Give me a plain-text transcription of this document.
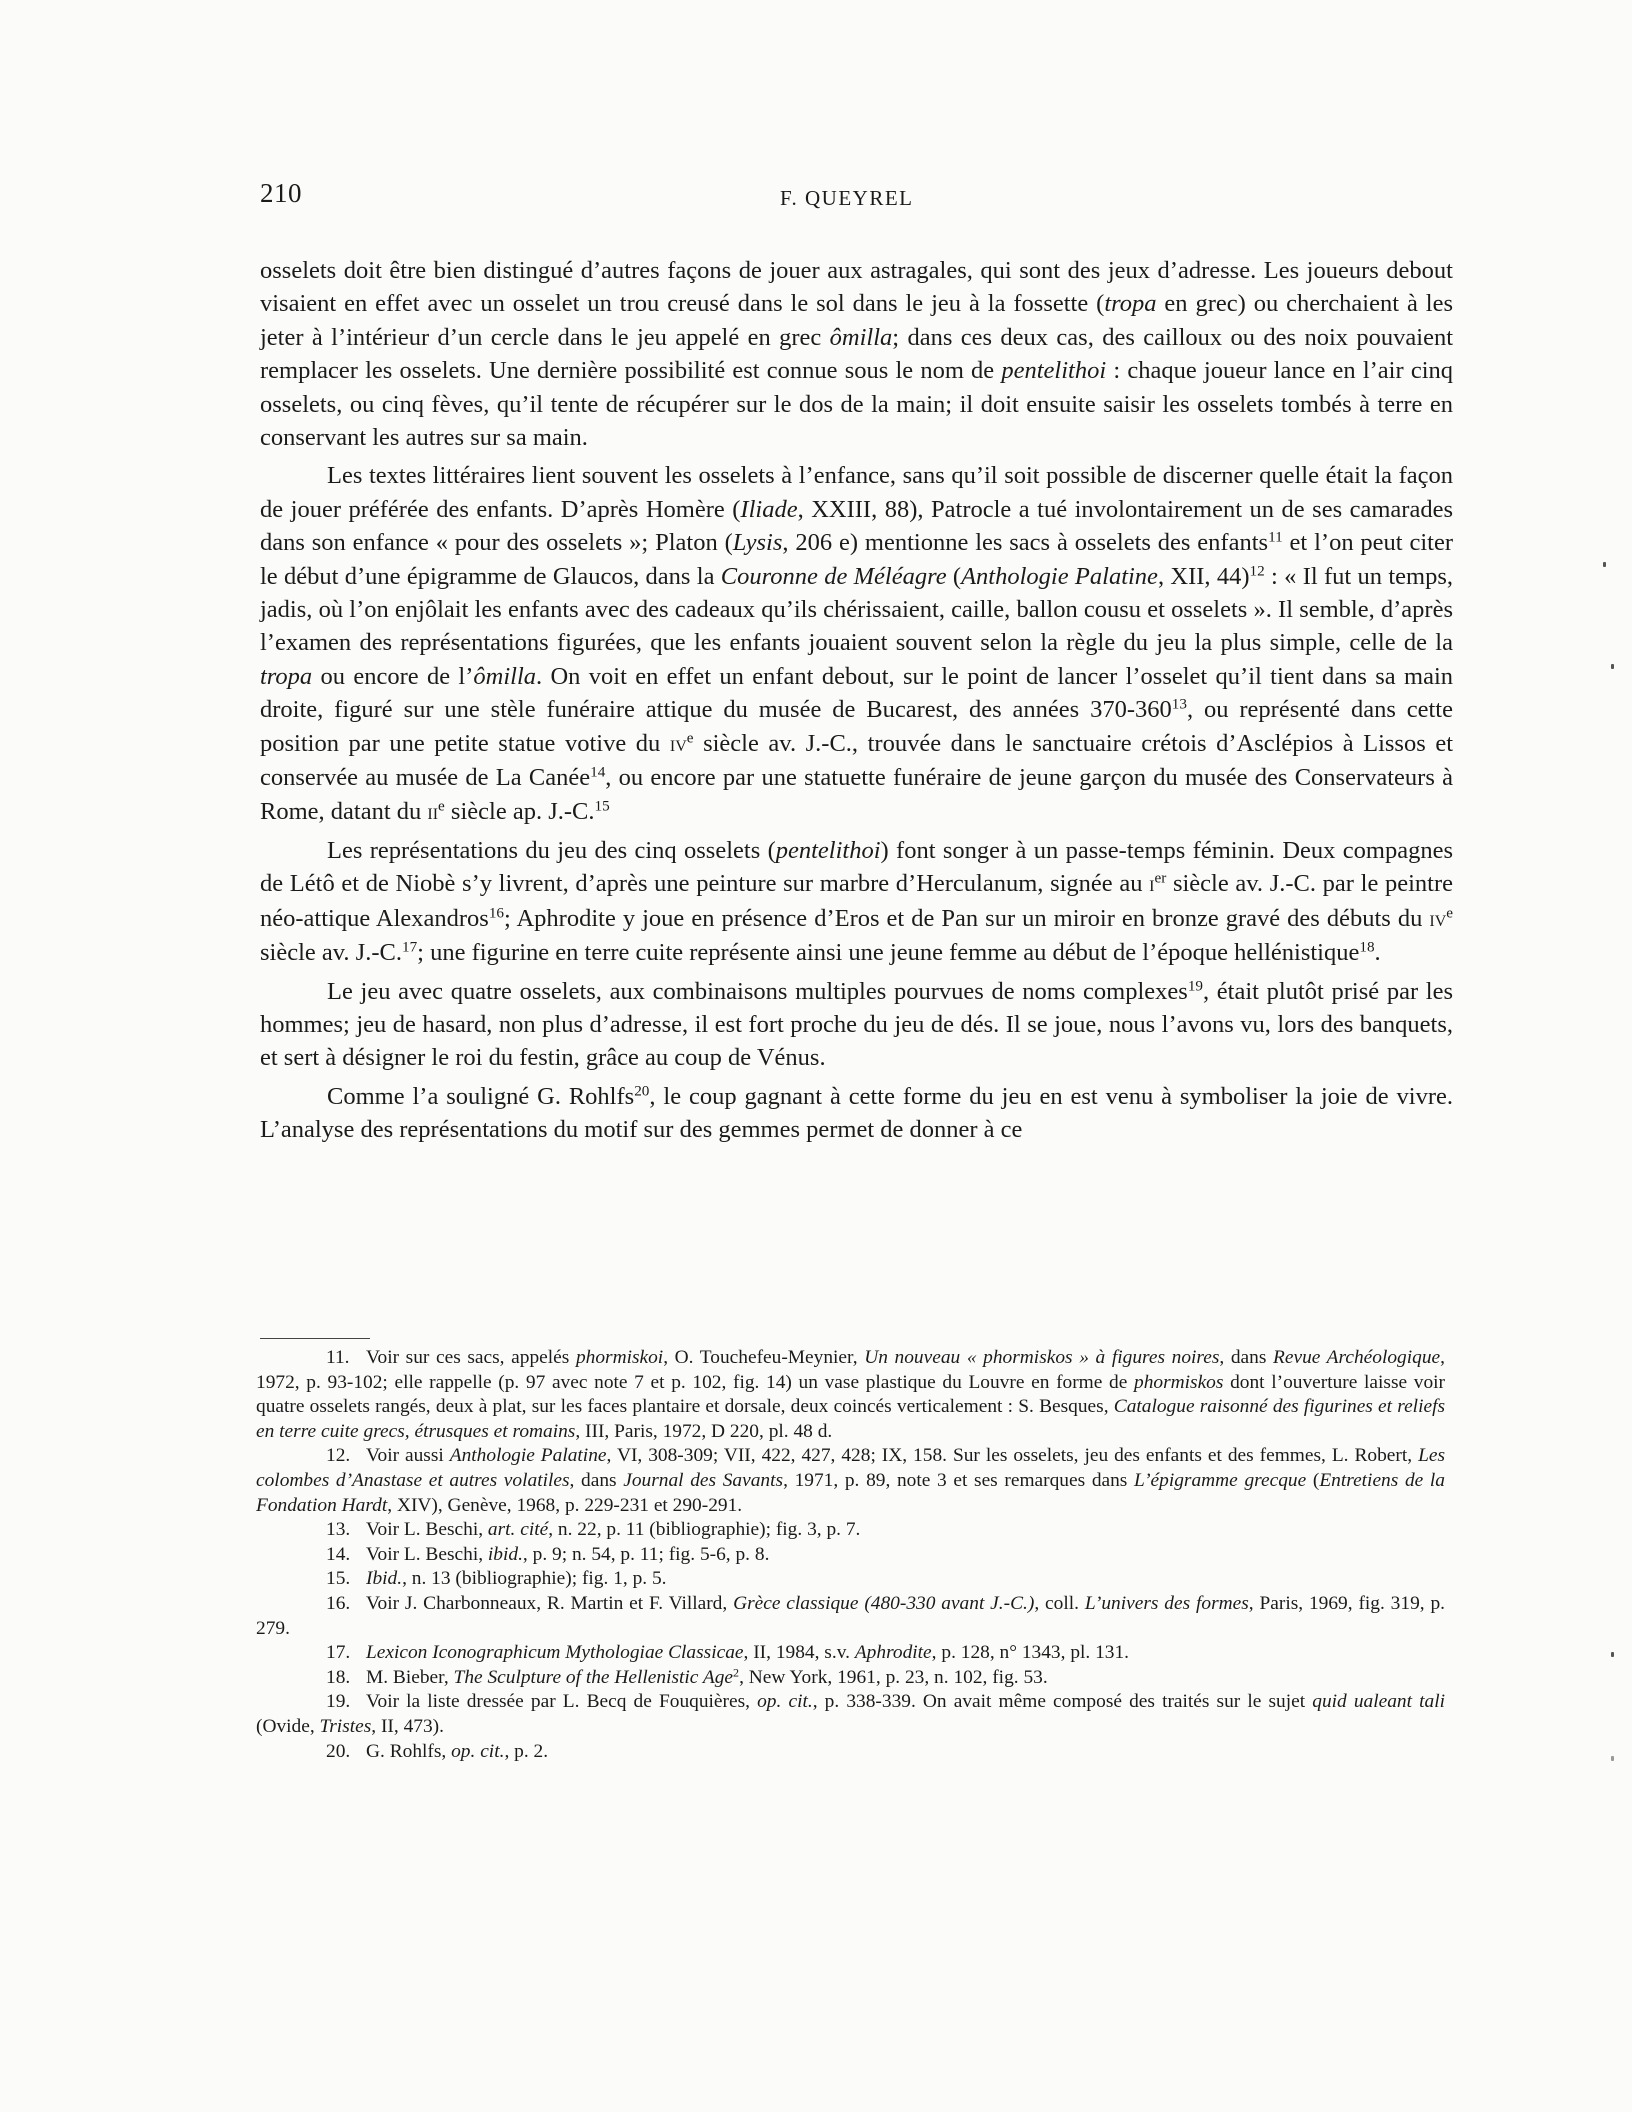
210	F. QUEYREL

osselets doit être bien distingué d’autres façons de jouer aux astragales, qui sont des jeux d’adresse. Les joueurs debout visaient en effet avec un osselet un trou creusé dans le sol dans le jeu à la fossette (tropa en grec) ou cherchaient à les jeter à l’intérieur d’un cercle dans le jeu appelé en grec ômilla; dans ces deux cas, des cailloux ou des noix pouvaient remplacer les osselets. Une dernière possibilité est connue sous le nom de pentelithoi : chaque joueur lance en l’air cinq osselets, ou cinq fèves, qu’il tente de récupérer sur le dos de la main; il doit ensuite saisir les osselets tombés à terre en conservant les autres sur sa main.

Les textes littéraires lient souvent les osselets à l’enfance, sans qu’il soit possible de discerner quelle était la façon de jouer préférée des enfants. D’après Homère (Iliade, XXIII, 88), Patrocle a tué involontairement un de ses camarades dans son enfance « pour des osselets »; Platon (Lysis, 206 e) mentionne les sacs à osselets des enfants$^{11}$ et l’on peut citer le début d’une épigramme de Glaucos, dans la Couronne de Méléagre (Anthologie Palatine, XII, 44)$^{12}$ : « Il fut un temps, jadis, où l’on enjôlait les enfants avec des cadeaux qu’ils chérissaient, caille, ballon cousu et osselets ». Il semble, d’après l’examen des représentations figurées, que les enfants jouaient souvent selon la règle du jeu la plus simple, celle de la tropa ou encore de l’ômilla. On voit en effet un enfant debout, sur le point de lancer l’osselet qu’il tient dans sa main droite, figuré sur une stèle funéraire attique du musée de Bucarest, des années $370-360^{13}$, ou représenté dans cette position par une petite statue votive du $iv^e$ siècle av. J.-C., trouvée dans le sanctuaire crétois d’Asclépios à Lissos et conservée au musée de La Canée$^{14}$, ou encore par une statuette funéraire de jeune garçon du musée des Conservateurs à Rome, datant du $ii^e$ siècle ap. J.-C.$^{15}$

Les représentations du jeu des cinq osselets (pentelithoi) font songer à un passe-temps féminin. Deux compagnes de Létô et de Niobè s’y livrent, d’après une peinture sur marbre d’Herculanum, signée au $i^{er}$ siècle av. J.-C. par le peintre néo-attique Alexandros$^{16}$; Aphrodite y joue en présence d’Eros et de Pan sur un miroir en bronze gravé des débuts du $iv^e$ siècle av. J.-C.$^{17}$; une figurine en terre cuite représente ainsi une jeune femme au début de l’époque hellénistique$^{18}$.

Le jeu avec quatre osselets, aux combinaisons multiples pourvues de noms complexes$^{19}$, était plutôt prisé par les hommes; jeu de hasard, non plus d’adresse, il est fort proche du jeu de dés. Il se joue, nous l’avons vu, lors des banquets, et sert à désigner le roi du festin, grâce au coup de Vénus.

Comme l’a souligné G. Rohlfs$^{20}$, le coup gagnant à cette forme du jeu en est venu à symboliser la joie de vivre. L’analyse des représentations du motif sur des gemmes permet de donner à ce

11. Voir sur ces sacs, appelés phormiskoi, O. Touchefeu-Meynier, Un nouveau « phormiskos » à figures noires, dans Revue Archéologique, 1972, p. 93-102; elle rappelle (p. 97 avec note 7 et p. 102, fig. 14) un vase plastique du Louvre en forme de phormiskos dont l’ouverture laisse voir quatre osselets rangés, deux à plat, sur les faces plantaire et dorsale, deux coincés verticalement : S. Besques, Catalogue raisonné des figurines et reliefs en terre cuite grecs, étrusques et romains, III, Paris, 1972, D 220, pl. 48 d.

12. Voir aussi Anthologie Palatine, VI, 308-309; VII, 422, 427, 428; IX, 158. Sur les osselets, jeu des enfants et des femmes, L. Robert, Les colombes d’Anastase et autres volatiles, dans Journal des Savants, 1971, p. 89, note 3 et ses remarques dans L’épigramme grecque (Entretiens de la Fondation Hardt, XIV), Genève, 1968, p. 229-231 et 290-291.

13. Voir L. Beschi, art. cité, n. 22, p. 11 (bibliographie); fig. 3, p. 7.

14. Voir L. Beschi, ibid., p. 9; n. 54, p. 11; fig. 5-6, p. 8.

15. Ibid., n. 13 (bibliographie); fig. 1, p. 5.

16. Voir J. Charbonneaux, R. Martin et F. Villard, Grèce classique (480-330 avant J.-C.), coll. L’univers des formes, Paris, 1969, fig. 319, p. 279.

17. Lexicon Iconographicum Mythologiae Classicae, II, 1984, s.v. Aphrodite, p. 128, n° 1343, pl. 131.

18. M. Bieber, The Sculpture of the Hellenistic Age$^2$, New York, 1961, p. 23, n. 102, fig. 53.

19. Voir la liste dressée par L. Becq de Fouquières, op. cit., p. 338-339. On avait même composé des traités sur le sujet quid ualeant tali (Ovide, Tristes, II, 473).

20. G. Rohlfs, op. cit., p. 2.
